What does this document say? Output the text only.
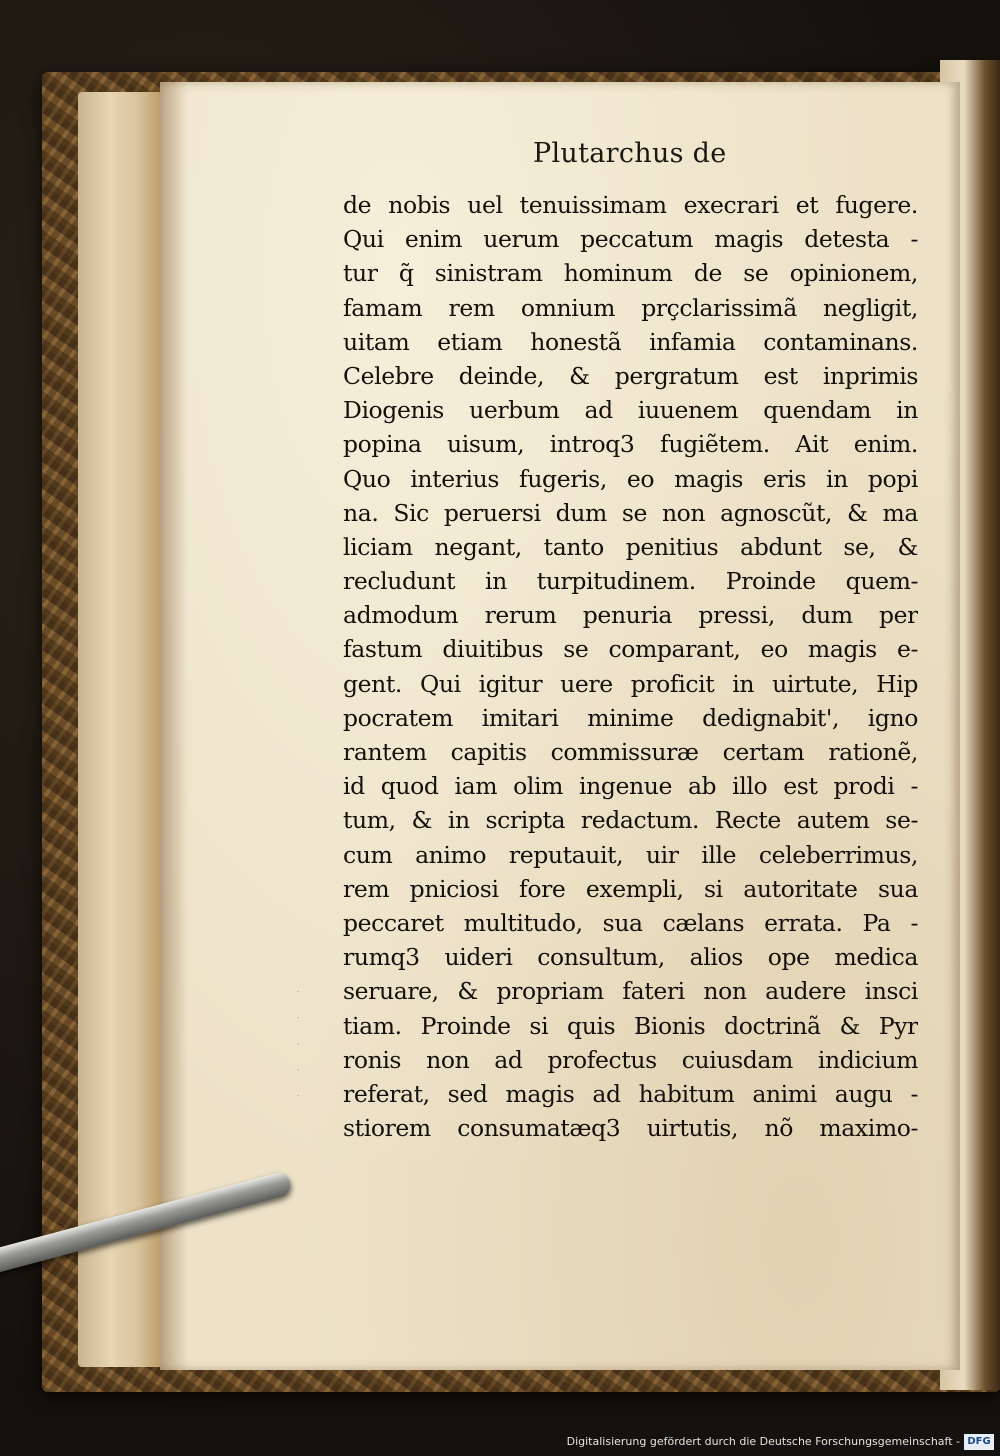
·
·
·
·
·
Plutarchus de
de nobis uel tenuissimam execrari et fugere.
Qui enim uerum peccatum magis detesta -
tur q̃ sinistram hominum de se opinionem,
famam rem omnium prçclarissimã negligit,
uitam etiam honestã infamia contaminans.
Celebre deinde, & pergratum est inprimis
Diogenis uerbum ad iuuenem quendam in
popina uisum, introq3 fugiẽtem. Ait enim.
Quo interius fugeris, eo magis eris in popi
na. Sic peruersi dum se non agnoscũt, & ma
liciam negant, tanto penitius abdunt se, &
recludunt in turpitudinem. Proinde quem-
admodum rerum penuria pressi, dum per
fastum diuitibus se comparant, eo magis e-
gent. Qui igitur uere proficit in uirtute, Hip
pocratem imitari minime dedignabit', igno
rantem capitis commissuræ certam rationẽ,
id quod iam olim ingenue ab illo est prodi -
tum, & in scripta redactum. Recte autem se-
cum animo reputauit, uir ille celeberrimus,
rem pniciosi fore exempli, si autoritate sua
peccaret multitudo, sua cælans errata. Pa -
rumq3 uideri consultum, alios ope medica
seruare, & propriam fateri non audere insci
tiam. Proinde si quis Bionis doctrinã & Pyr
ronis non ad profectus cuiusdam indicium
referat, sed magis ad habitum animi augu -
stiorem consumatæq3 uirtutis, nõ maximo-
Digitalisierung gefördert durch die Deutsche Forschungsgemeinschaft - DFG
